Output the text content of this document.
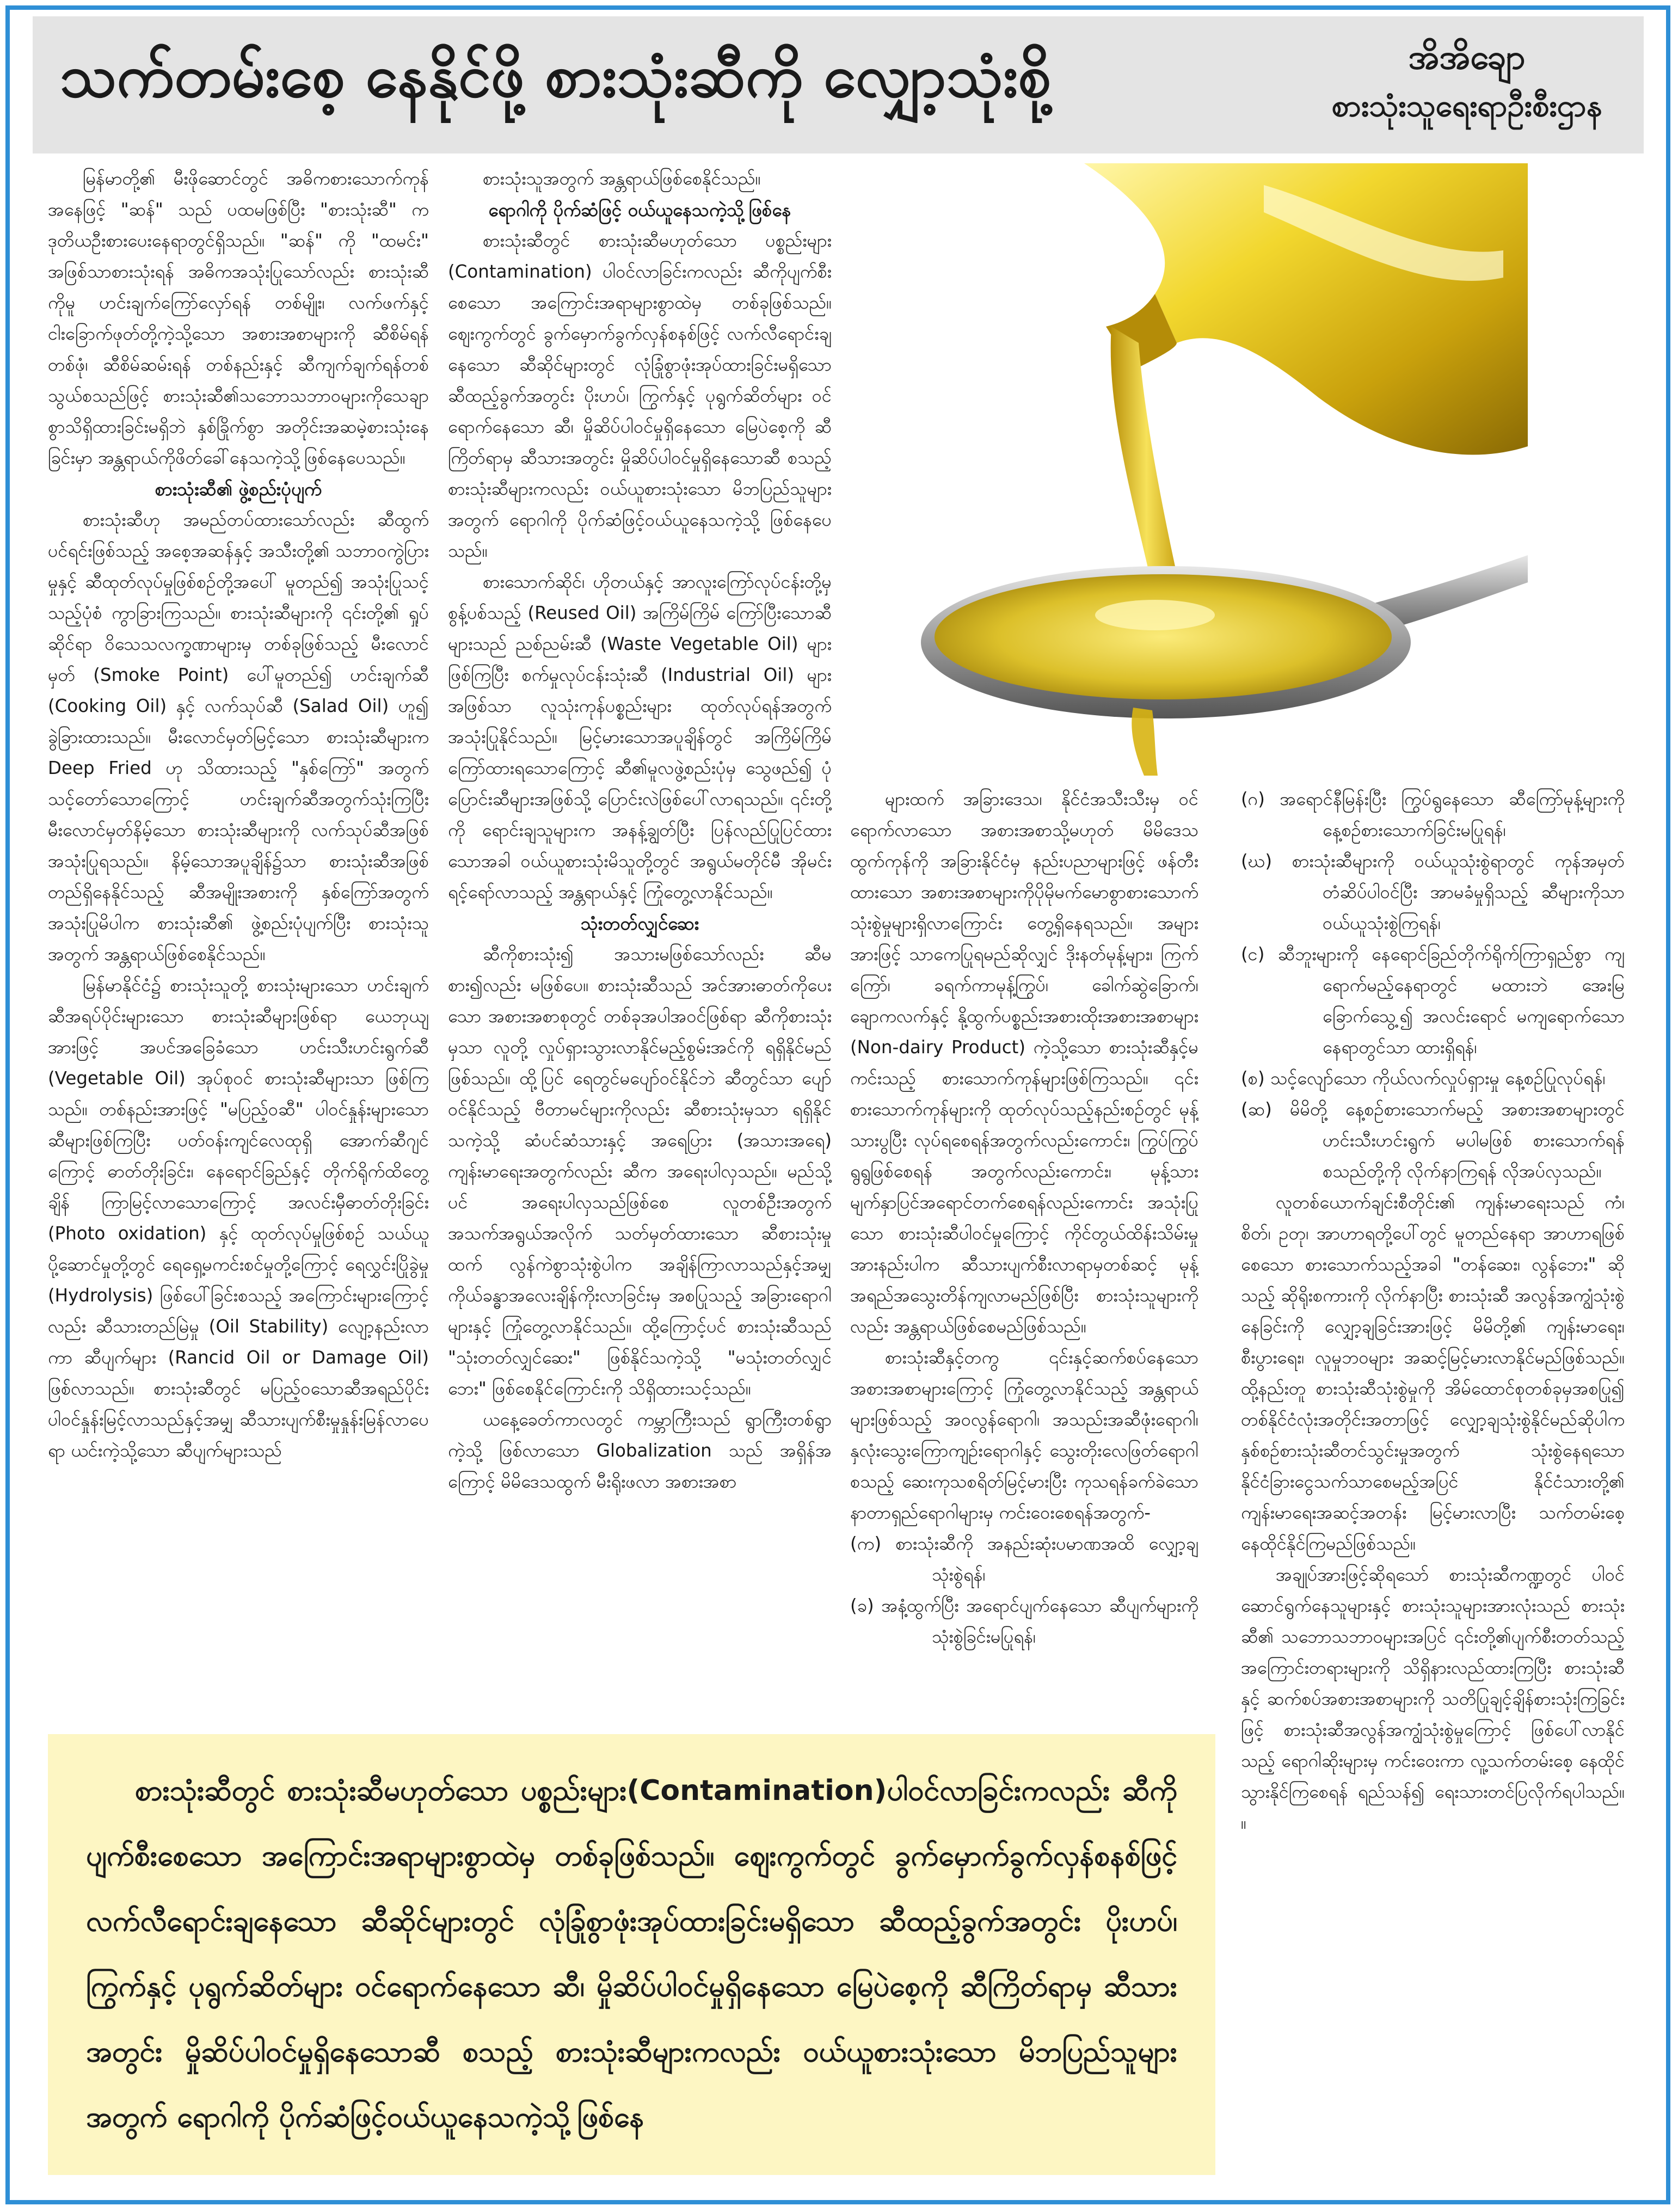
သက်တမ်းစေ့ နေနိုင်ဖို့ စားသုံးဆီကို လျှော့သုံးစို့	အိအိချော
စားသုံးသူရေးရာဦးစီးဌာန

မြန်မာတို့၏ မီးဖိုဆောင်တွင် အဓိကစားသောက်ကုန်အနေဖြင့် "ဆန်" သည် ပထမဖြစ်ပြီး "စားသုံးဆီ" က ဒုတိယဦးစားပေးနေရာတွင်ရှိသည်။ "ဆန်" ကို "ထမင်း" အဖြစ်သာစားသုံးရန် အဓိကအသုံးပြုသော်လည်း စားသုံးဆီကိုမူ ဟင်းချက်ကြော်လှော်ရန် တစ်မျိုး၊ လက်ဖက်နှင့် ငါးခြောက်ဖုတ်တို့ကဲ့သို့သော အစားအစာများကို ဆီစိမ်ရန်တစ်ဖုံ၊ ဆီစိမ်ဆမ်းရန် တစ်နည်းနှင့် ဆီကျက်ချက်ရန်တစ်သွယ်စသည်ဖြင့် စားသုံးဆီ၏သဘောသဘာဝများကိုသေချာစွာသိရှိထားခြင်းမရှိဘဲ နှစ်ခြိုက်စွာ အတိုင်းအဆမဲ့စားသုံးနေခြင်းမှာ အန္တရာယ်ကိုဖိတ်ခေါ်နေသကဲ့သို့ဖြစ်နေပေသည်။

စားသုံးဆီ၏ ဖွဲ့စည်းပုံပျက်

စားသုံးဆီဟု အမည်တပ်ထားသော်လည်း ဆီထွက်ပင်ရင်းဖြစ်သည့် အစေ့အဆန်နှင့် အသီးတို့၏ သဘာဝကွဲပြားမှုနှင့် ဆီထုတ်လုပ်မှုဖြစ်စဉ်တို့အပေါ် မူတည်၍ အသုံးပြုသင့်သည့်ပုံစံ ကွာခြားကြသည်။ စားသုံးဆီများကို ၎င်းတို့၏ ရှုပ်ဆိုင်ရာ ဝိသေသလက္ခဏာများမှ တစ်ခုဖြစ်သည့် မီးလောင်မှတ် (Smoke Point) ပေါ်မူတည်၍ ဟင်းချက်ဆီ (Cooking Oil) နှင့် လက်သုပ်ဆီ (Salad Oil) ဟူ၍ ခွဲခြားထားသည်။ မီးလောင်မှတ်မြင့်သော စားသုံးဆီများက Deep Fried ဟု သိထားသည့် "နှစ်ကြော်" အတွက် သင့်တော်သောကြောင့် ဟင်းချက်ဆီအတွက်သုံးကြပြီး မီးလောင်မှတ်နိမ့်သော စားသုံးဆီများကို လက်သုပ်ဆီအဖြစ် အသုံးပြုရသည်။ နိမ့်သောအပူချိန်၌သာ စားသုံးဆီအဖြစ် တည်ရှိနေနိုင်သည့် ဆီအမျိုးအစားကို နှစ်ကြော်အတွက် အသုံးပြုမိပါက စားသုံးဆီ၏ ဖွဲ့စည်းပုံပျက်ပြီး စားသုံးသူအတွက် အန္တရာယ်ဖြစ်စေနိုင်သည်။

မြန်မာနိုင်ငံ၌ စားသုံးသူတို့ စားသုံးများသော ဟင်းချက်ဆီအရပ်ပိုင်းများသော စားသုံးဆီများဖြစ်ရာ ယေဘုယျအားဖြင့် အပင်အခြေခံသော ဟင်းသီးဟင်းရွက်ဆီ (Vegetable Oil) အုပ်စုဝင် စားသုံးဆီများသာ ဖြစ်ကြသည်။ တစ်နည်းအားဖြင့် "မပြည့်ဝဆီ" ပါဝင်နှုန်းများသော ဆီများဖြစ်ကြပြီး ပတ်ဝန်းကျင်လေထုရှိ အောက်ဆီဂျင်ကြောင့် ဓာတ်တိုးခြင်း၊ နေရောင်ခြည်နှင့် တိုက်ရိုက်ထိတွေ့ချိန် ကြာမြင့်လာသောကြောင့် အလင်းမှီဓာတ်တိုးခြင်း (Photo oxidation) နှင့် ထုတ်လုပ်မှုဖြစ်စဉ် သယ်ယူပို့ဆောင်မှုတို့တွင် ရေရှေ့မကင်းစင်မှုတို့ကြောင့် ရေလွှင်းပြိုခွဲမှု (Hydrolysis) ဖြစ်ပေါ်ခြင်းစသည့် အကြောင်းများကြောင့်လည်း ဆီသားတည်မြဲမှု (Oil Stability) လျော့နည်းလာကာ ဆီပျက်များ (Rancid Oil or Damage Oil) ဖြစ်လာသည်။ စားသုံးဆီတွင် မပြည့်ဝသောဆီအရည်ပိုင်း ပါဝင်နှုန်းမြင့်လာသည်နှင့်အမျှ ဆီသားပျက်စီးမှုနှုန်းမြန်လာပေရာ ယင်းကဲ့သို့သော ဆီပျက်များသည်

စားသုံးသူအတွက် အန္တရာယ်ဖြစ်စေနိုင်သည်။

ရောဂါကို ပိုက်ဆံဖြင့် ဝယ်ယူနေသကဲ့သို့ဖြစ်နေ

စားသုံးဆီတွင် စားသုံးဆီမဟုတ်သော ပစ္စည်းများ (Contamination) ပါဝင်လာခြင်းကလည်း ဆီကိုပျက်စီးစေသော အကြောင်းအရာများစွာထဲမှ တစ်ခုဖြစ်သည်။ ဈေးကွက်တွင် ခွက်မှောက်ခွက်လှန်စနစ်ဖြင့် လက်လီရောင်းချနေသော ဆီဆိုင်များတွင် လုံခြုံစွာဖုံးအုပ်ထားခြင်းမရှိသော ဆီထည့်ခွက်အတွင်း ပိုးဟပ်၊ ကြွက်နှင့် ပုရွက်ဆိတ်များ ဝင်ရောက်နေသော ဆီ၊ မှိုဆိပ်ပါဝင်မှုရှိနေသော မြေပဲစေ့ကို ဆီကြိတ်ရာမှ ဆီသားအတွင်း မှိုဆိပ်ပါဝင်မှုရှိနေသောဆီ စသည့် စားသုံးဆီများကလည်း ဝယ်ယူစားသုံးသော မိဘပြည်သူများအတွက် ရောဂါကို ပိုက်ဆံဖြင့်ဝယ်ယူနေသကဲ့သို့ ဖြစ်နေပေသည်။

စားသောက်ဆိုင်၊ ဟိုတယ်နှင့် အာလူးကြော်လုပ်ငန်းတို့မှ စွန့်ပစ်သည့် (Reused Oil) အကြိမ်ကြိမ် ကြော်ပြီးသောဆီများသည် ညစ်ညမ်းဆီ (Waste Vegetable Oil) များဖြစ်ကြပြီး စက်မှုလုပ်ငန်းသုံးဆီ (Industrial Oil) များအဖြစ်သာ လူသုံးကုန်ပစ္စည်းများ ထုတ်လုပ်ရန်အတွက် အသုံးပြုနိုင်သည်။ မြင့်မားသောအပူချိန်တွင် အကြိမ်ကြိမ်ကြော်ထားရသောကြောင့် ဆီ၏မူလဖွဲ့စည်းပုံမှ သွေဖည်၍ ပုံပြောင်းဆီများအဖြစ်သို့ ပြောင်းလဲဖြစ်ပေါ်လာရသည်။ ၎င်းတို့ကို ရောင်းချသူများက အနန့်ချွတ်ပြီး ပြန်လည်ပြုပြင်ထားသောအခါ ဝယ်ယူစားသုံးမိသူတို့တွင် အရွယ်မတိုင်မီ အိုမင်းရင့်ရော်လာသည့် အန္တရာယ်နှင့် ကြုံတွေ့လာနိုင်သည်။

သုံးတတ်လျှင်ဆေး

ဆီကိုစားသုံး၍ အသားမဖြစ်သော်လည်း ဆီမစား၍လည်း မဖြစ်ပေ။ စားသုံးဆီသည် အင်အားဓာတ်ကိုပေးသော အစားအစာစုတွင် တစ်ခုအပါအဝင်ဖြစ်ရာ ဆီကိုစားသုံးမှသာ လူတို့ လှုပ်ရှားသွားလာနိုင်မည့်စွမ်းအင်ကို ရရှိနိုင်မည်ဖြစ်သည်။ ထို့ပြင် ရေတွင်မပျော်ဝင်နိုင်ဘဲ ဆီတွင်သာ ပျော်ဝင်နိုင်သည့် ဗီတာမင်များကိုလည်း ဆီစားသုံးမှသာ ရရှိနိုင်သကဲ့သို့ ဆံပင်ဆံသားနှင့် အရေပြား (အသားအရေ) ကျန်းမာရေးအတွက်လည်း ဆီက အရေးပါလှသည်။ မည်သို့ပင် အရေးပါလှသည်ဖြစ်စေ လူတစ်ဦးအတွက် အသက်အရွယ်အလိုက် သတ်မှတ်ထားသော ဆီစားသုံးမှုထက် လွန်ကဲစွာသုံးစွဲပါက အချိန်ကြာလာသည်နှင့်အမျှ ကိုယ်ခန္ဓာအလေးချိန်ကိုးလာခြင်းမှ အစပြုသည့် အခြားရောဂါများနှင့် ကြုံတွေ့လာနိုင်သည်။ ထို့ကြောင့်ပင် စားသုံးဆီသည် "သုံးတတ်လျှင်ဆေး" ဖြစ်နိုင်သကဲ့သို့ "မသုံးတတ်လျှင် ဘေး" ဖြစ်စေနိုင်ကြောင်းကို သိရှိထားသင့်သည်။

ယနေ့ခေတ်ကာလတွင် ကမ္ဘာကြီးသည် ရွာကြီးတစ်ရွာကဲ့သို့ ဖြစ်လာသော Globalization သည် အရှိန်အကြောင့် မိမိဒေသထွက် မီးရိုးဖလာ အစားအစာ

များထက် အခြားဒေသ၊ နိုင်ငံအသီးသီးမှ ဝင်ရောက်လာသော အစားအစာသို့မဟုတ် မိမိဒေသထွက်ကုန်ကို အခြားနိုင်ငံမှ နည်းပညာများဖြင့် ဖန်တီးထားသော အစားအစာများကိုပိုမိုမက်မောစွာစားသောက်သုံးစွဲမှုများရှိလာကြောင်း တွေ့ရှိနေရသည်။ အများအားဖြင့် သာကေပြုရမည်ဆိုလျှင် ဒိုးနတ်မုန့်များ၊ ကြက်ကြော်၊ ခရက်ကာမုန့်ကြွပ်၊ ခေါက်ဆွဲခြောက်၊ ချောကလက်နှင့် နို့ထွက်ပစ္စည်းအစားထိုးအစားအစာများ (Non-dairy Product) ကဲ့သို့သော စားသုံးဆီနှင့်မကင်းသည့် စားသောက်ကုန်များဖြစ်ကြသည်။ ၎င်းစားသောက်ကုန်များကို ထုတ်လုပ်သည့်နည်းစဉ်တွင် မုန့်သားပွပြီး လုပ်ရစေရန်အတွက်လည်းကောင်း၊ ကြွပ်ကြွပ်ရွရွဖြစ်စေရန် အတွက်လည်းကောင်း၊ မုန့်သားမျက်နှာပြင်အရောင်တက်စေရန်လည်းကောင်း အသုံးပြုသော စားသုံးဆီပါဝင်မှုကြောင့် ကိုင်တွယ်ထိန်းသိမ်းမှုအားနည်းပါက ဆီသားပျက်စီးလာရာမှတစ်ဆင့် မုန့်အရည်အသွေးတိန်ကျလာမည်ဖြစ်ပြီး စားသုံးသူများကိုလည်း အန္တရာယ်ဖြစ်စေမည်ဖြစ်သည်။

စားသုံးဆီနှင့်တကွ ၎င်းနှင့်ဆက်စပ်နေသော အစားအစာများကြောင့် ကြုံတွေ့လာနိုင်သည့် အန္တရာယ်များဖြစ်သည့် အဝလွန်ရောဂါ၊ အသည်းအဆီဖုံးရောဂါ၊ နှလုံးသွေးကြောကျဉ်းရောဂါနှင့် သွေးတိုးလေဖြတ်ရောဂါစသည့် ဆေးကုသစရိတ်မြင့်မားပြီး ကုသရန်ခက်ခဲသော နာတာရှည်ရောဂါများမှ ကင်းဝေးစေရန်အတွက်-

(က) စားသုံးဆီကို အနည်းဆုံးပမာဏအထိ လျှော့ချသုံးစွဲရန်၊
(ခ) အနံ့ထွက်ပြီး အရောင်ပျက်နေသော ဆီပျက်များကို သုံးစွဲခြင်းမပြုရန်၊
(ဂ) အရောင်နီမြန်းပြီး ကြွပ်ရွနေသော ဆီကြော်မုန့်များကို နေ့စဉ်စားသောက်ခြင်းမပြုရန်၊
(ဃ) စားသုံးဆီများကို ဝယ်ယူသုံးစွဲရာတွင် ကုန်အမှတ်တံဆိပ်ပါဝင်ပြီး အာမခံမှုရှိသည့် ဆီများကိုသာ ဝယ်ယူသုံးစွဲကြရန်၊
(င) ဆီဘူးများကို နေရောင်ခြည်တိုက်ရိုက်ကြာရှည်စွာ ကျရောက်မည့်နေရာတွင် မထားဘဲ အေးမြခြောက်သွေ့၍ အလင်းရောင် မကျရောက်သောနေရာတွင်သာ ထားရှိရန်၊
(စ) သင့်လျော်သော ကိုယ်လက်လှုပ်ရှားမှု နေ့စဉ်ပြုလုပ်ရန်၊
(ဆ) မိမိတို့ နေ့စဉ်စားသောက်မည့် အစားအစာများတွင် ဟင်းသီးဟင်းရွက် မပါမဖြစ် စားသောက်ရန် စသည်တို့ကို လိုက်နာကြရန် လိုအပ်လှသည်။

လူတစ်ယောက်ချင်းစီတိုင်း၏ ကျန်းမာရေးသည် ကံ၊ စိတ်၊ ဥတု၊ အာဟာရတို့ပေါ်တွင် မူတည်နေရာ အာဟာရဖြစ်စေသော စားသောက်သည့်အခါ "တန်ဆေး၊ လွန်ဘေး" ဆိုသည့် ဆိုရိုးစကားကို လိုက်နာပြီး စားသုံးဆီ အလွန်အကျွံသုံးစွဲနေခြင်းကို လျှော့ချခြင်းအားဖြင့် မိမိတို့၏ ကျန်းမာရေး၊ စီးပွားရေး၊ လူမှုဘဝများ အဆင့်မြင့်မားလာနိုင်မည်ဖြစ်သည်။ ထို့နည်းတူ စားသုံးဆီသုံးစွဲမှုကို အိမ်ထောင်စုတစ်ခုမှအစပြု၍ တစ်နိုင်ငံလုံးအတိုင်းအတာဖြင့် လျှော့ချသုံးစွဲနိုင်မည်ဆိုပါက နှစ်စဉ်စားသုံးဆီတင်သွင်းမှုအတွက် သုံးစွဲနေရသော နိုင်ငံခြားငွေသက်သာစေမည့်အပြင် နိုင်ငံသားတို့၏ ကျန်းမာရေးအဆင့်အတန်း မြင့်မားလာပြီး သက်တမ်းစေ့ နေထိုင်နိုင်ကြမည်ဖြစ်သည်။

အချုပ်အားဖြင့်ဆိုရသော် စားသုံးဆီကဏ္ဍတွင် ပါဝင်ဆောင်ရွက်နေသူများနှင့် စားသုံးသူများအားလုံးသည် စားသုံးဆီ၏ သဘောသဘာဝများအပြင် ၎င်းတို့၏ပျက်စီးတတ်သည့် အကြောင်းတရားများကို သိရှိနားလည်ထားကြပြီး စားသုံးဆီနှင့် ဆက်စပ်အစားအစာများကို သတိပြုချင့်ချိန်စားသုံးကြခြင်းဖြင့် စားသုံးဆီအလွန်အကျွံသုံးစွဲမှုကြောင့် ဖြစ်ပေါ်လာနိုင်သည့် ရောဂါဆိုးများမှ ကင်းဝေးကာ လူ့သက်တမ်းစေ့ နေထိုင်သွားနိုင်ကြစေရန် ရည်သန်၍ ရေးသားတင်ပြလိုက်ရပါသည်။ ။

စားသုံးဆီတွင် စားသုံးဆီမဟုတ်သော ပစ္စည်းများ(Contamination)ပါဝင်လာခြင်းကလည်း ဆီကို ပျက်စီးစေသော အကြောင်းအရာများစွာထဲမှ တစ်ခုဖြစ်သည်။ ဈေးကွက်တွင် ခွက်မှောက်ခွက်လှန်စနစ်ဖြင့် လက်လီရောင်းချနေသော ဆီဆိုင်များတွင် လုံခြုံစွာဖုံးအုပ်ထားခြင်းမရှိသော ဆီထည့်ခွက်အတွင်း ပိုးဟပ်၊ ကြွက်နှင့် ပုရွက်ဆိတ်များ ဝင်ရောက်နေသော ဆီ၊ မှိုဆိပ်ပါဝင်မှုရှိနေသော မြေပဲစေ့ကို ဆီကြိတ်ရာမှ ဆီသားအတွင်း မှိုဆိပ်ပါဝင်မှုရှိနေသောဆီ စသည့် စားသုံးဆီများကလည်း ဝယ်ယူစားသုံးသော မိဘပြည်သူများအတွက် ရောဂါကို ပိုက်ဆံဖြင့်ဝယ်ယူနေသကဲ့သို့ဖြစ်နေ
